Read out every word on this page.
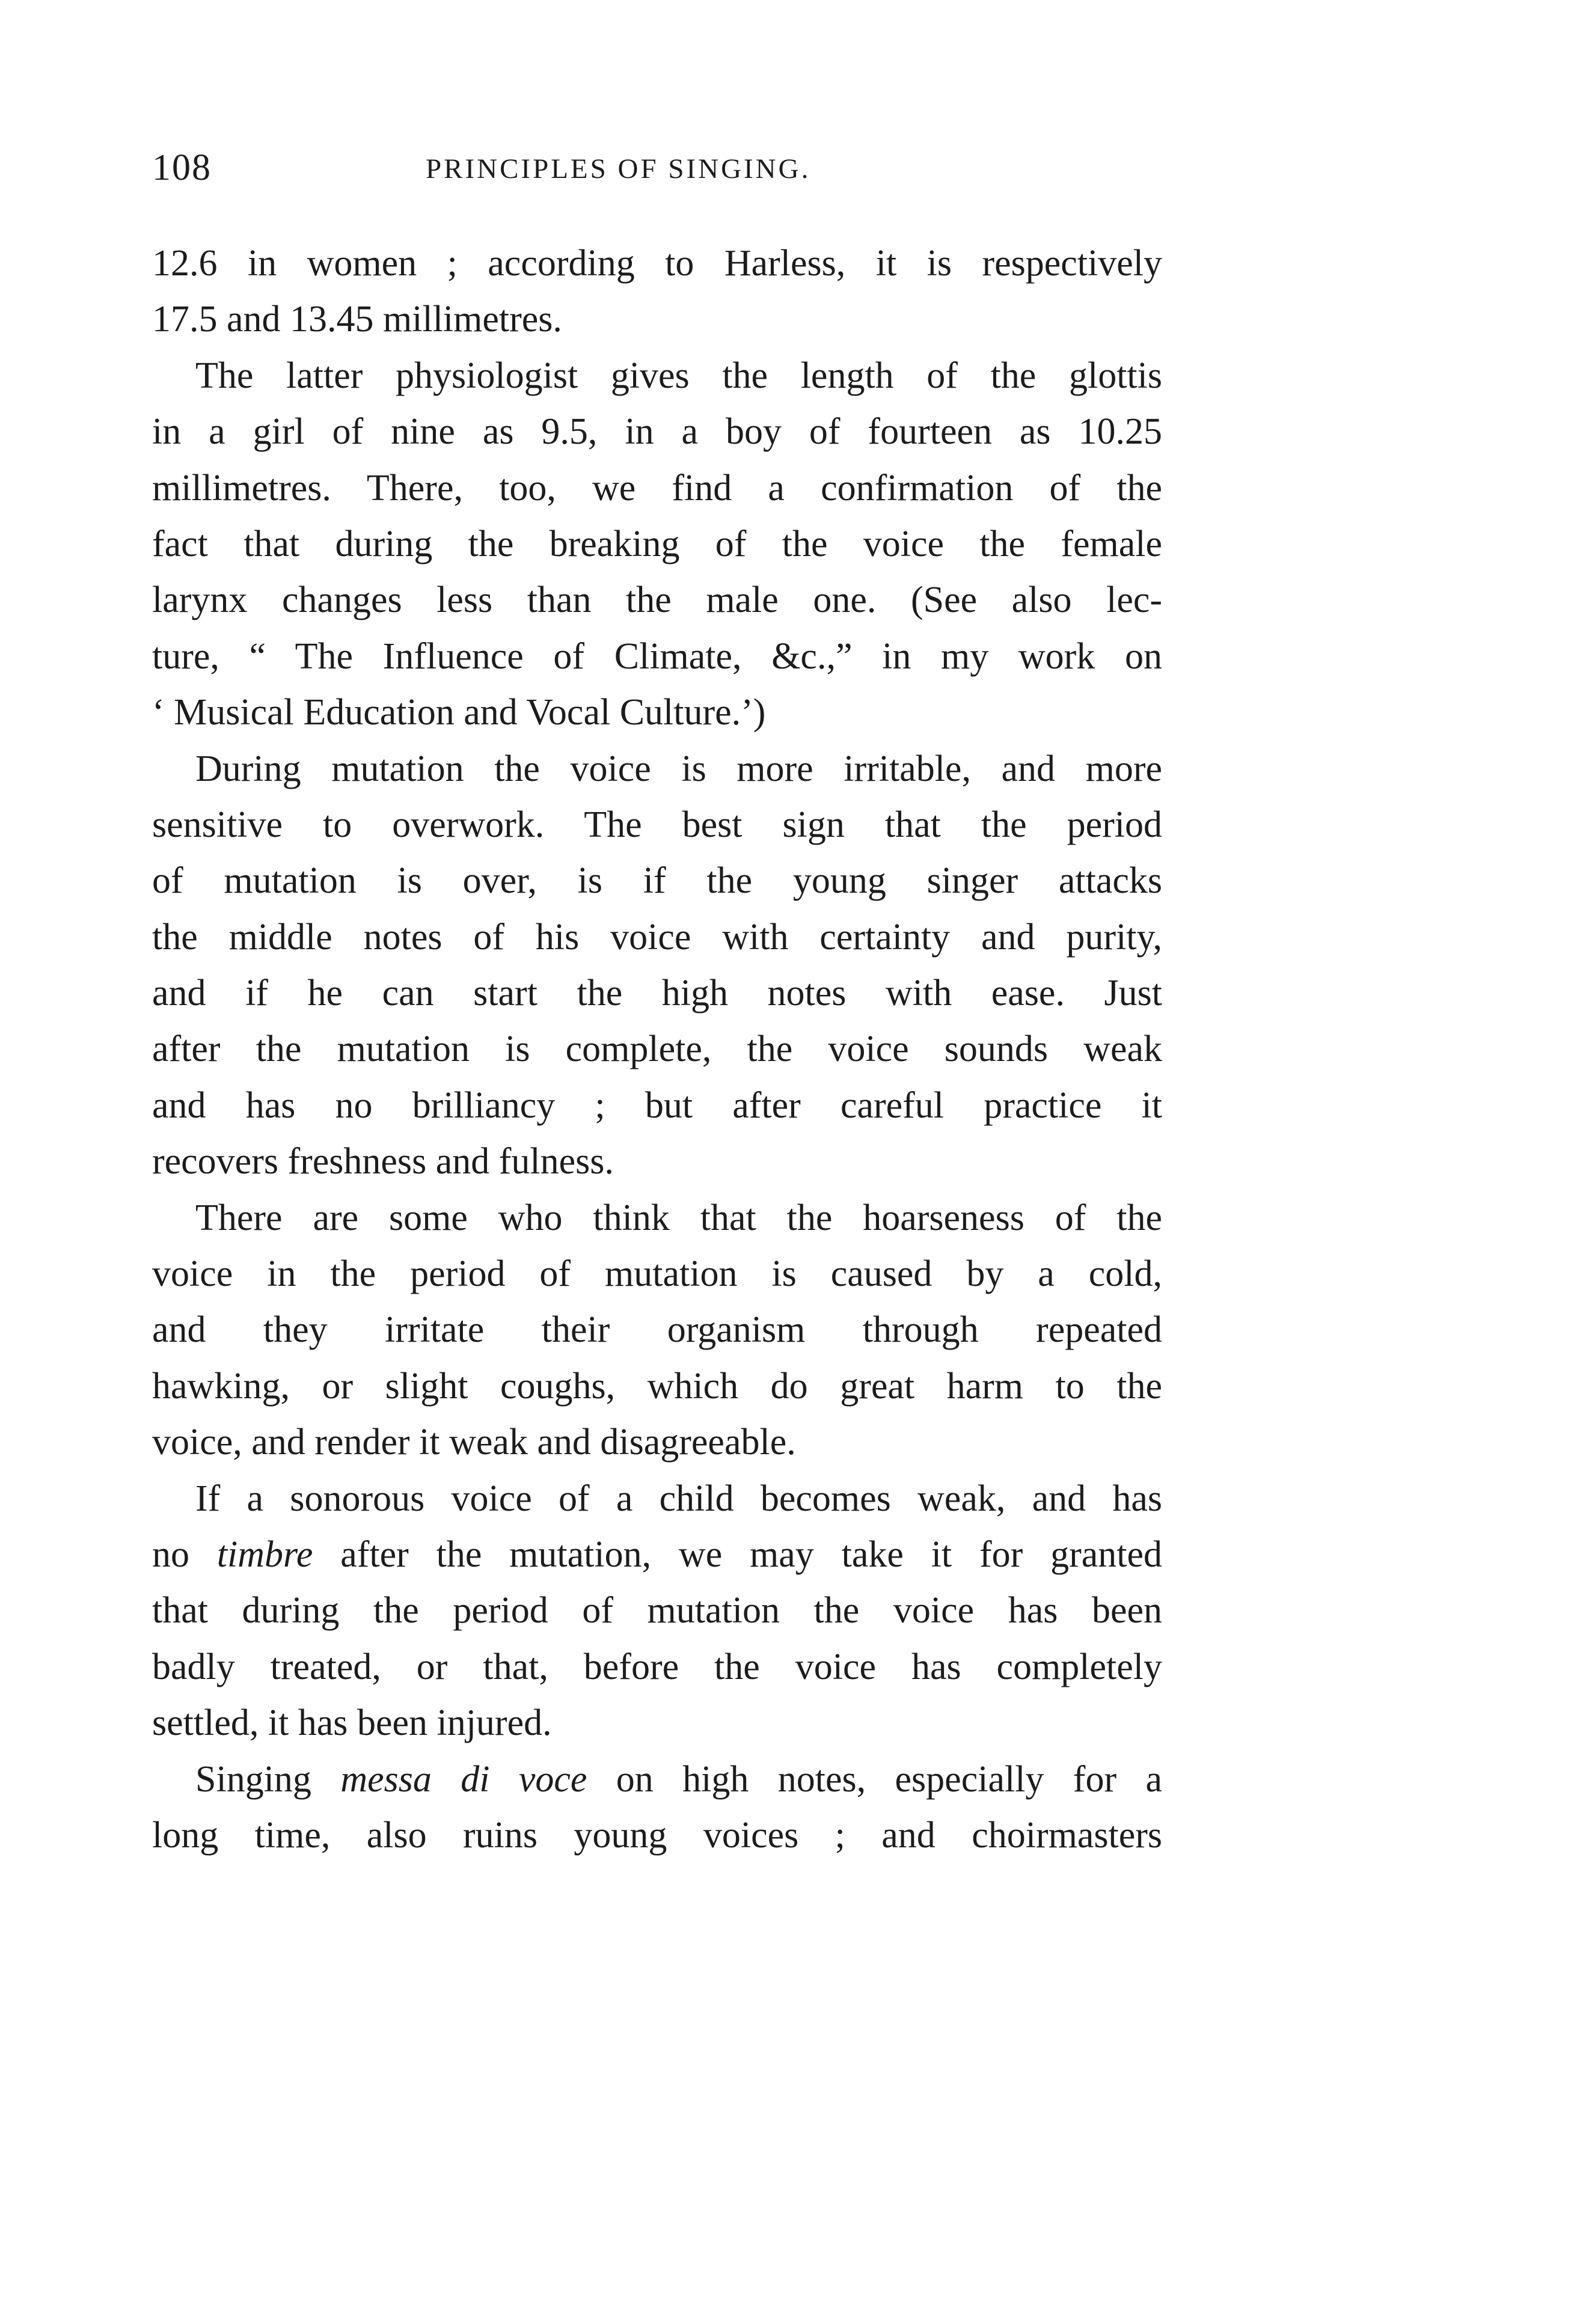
108	PRINCIPLES OF SINGING.
12.6 in women ; according to Harless, it is respectively
17.5 and 13.45 millimetres.
The latter physiologist gives the length of the glottis
in a girl of nine as 9.5, in a boy of fourteen as 10.25
millimetres. There, too, we find a confirmation of the
fact that during the breaking of the voice the female
larynx changes less than the male one. (See also lec-
ture, “ The Influence of Climate, &c.,” in my work on
‘ Musical Education and Vocal Culture.’)
During mutation the voice is more irritable, and more
sensitive to overwork. The best sign that the period
of mutation is over, is if the young singer attacks
the middle notes of his voice with certainty and purity,
and if he can start the high notes with ease. Just
after the mutation is complete, the voice sounds weak
and has no brilliancy ; but after careful practice it
recovers freshness and fulness.
There are some who think that the hoarseness of the
voice in the period of mutation is caused by a cold,
and they irritate their organism through repeated
hawking, or slight coughs, which do great harm to the
voice, and render it weak and disagreeable.
If a sonorous voice of a child becomes weak, and has
no timbre after the mutation, we may take it for granted
that during the period of mutation the voice has been
badly treated, or that, before the voice has completely
settled, it has been injured.
Singing messa di voce on high notes, especially for a
long time, also ruins young voices ; and choirmasters
